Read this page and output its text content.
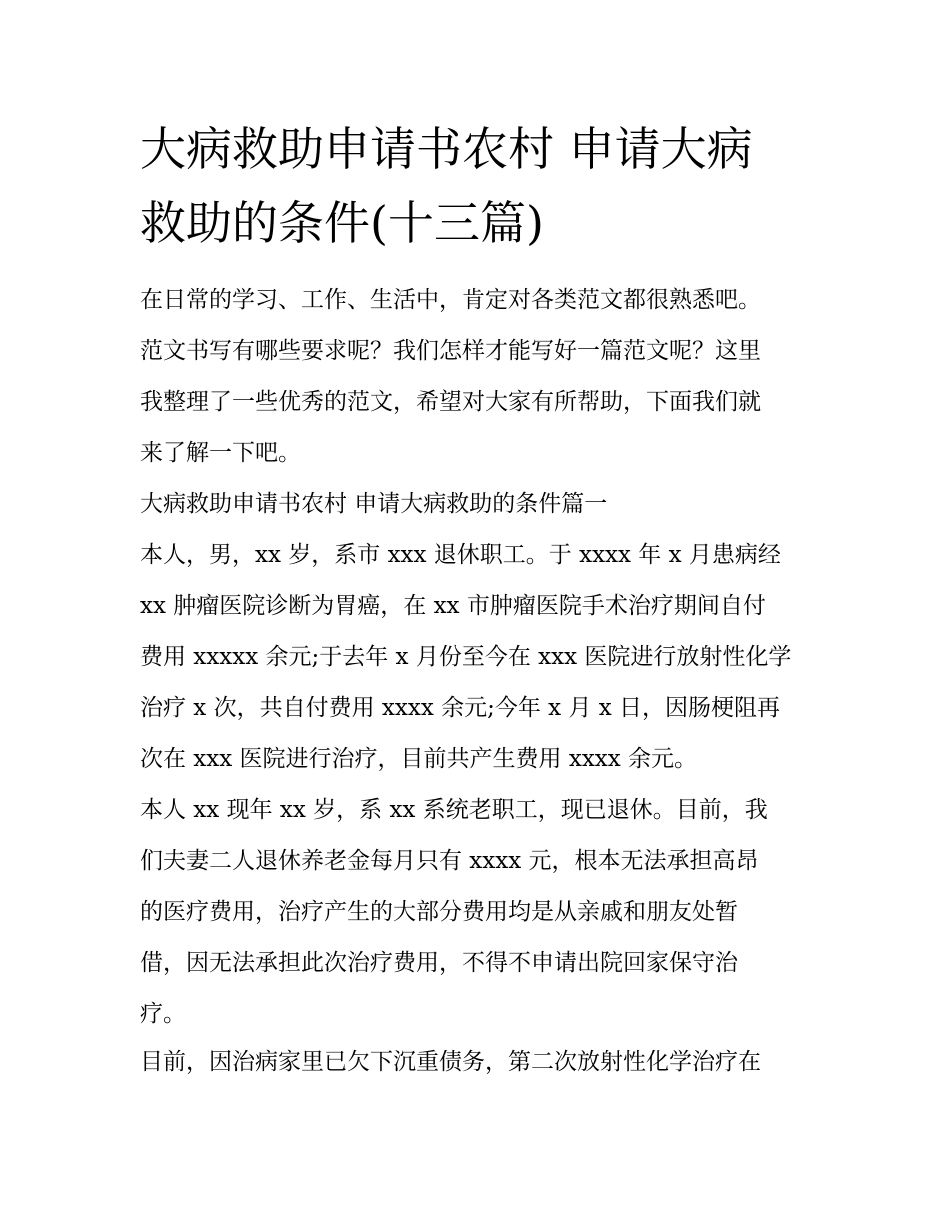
大病救助申请书农村 申请大病
救助的条件(十三篇)
在日常的学习、工作、生活中，肯定对各类范文都很熟悉吧。
范文书写有哪些要求呢？我们怎样才能写好一篇范文呢？这里
我整理了一些优秀的范文，希望对大家有所帮助，下面我们就
来了解一下吧。
大病救助申请书农村 申请大病救助的条件篇一
本人，男，xx 岁，系市 xxx 退休职工。于 xxxx 年 x 月患病经
xx 肿瘤医院诊断为胃癌，在 xx 市肿瘤医院手术治疗期间自付
费用 xxxxx 余元;于去年 x 月份至今在 xxx 医院进行放射性化学
治疗 x 次，共自付费用 xxxx 余元;今年 x 月 x 日，因肠梗阻再
次在 xxx 医院进行治疗，目前共产生费用 xxxx 余元。
本人 xx 现年 xx 岁，系 xx 系统老职工，现已退休。目前，我
们夫妻二人退休养老金每月只有 xxxx 元，根本无法承担高昂
的医疗费用，治疗产生的大部分费用均是从亲戚和朋友处暂
借，因无法承担此次治疗费用，不得不申请出院回家保守治
疗。
目前，因治病家里已欠下沉重债务，第二次放射性化学治疗在
